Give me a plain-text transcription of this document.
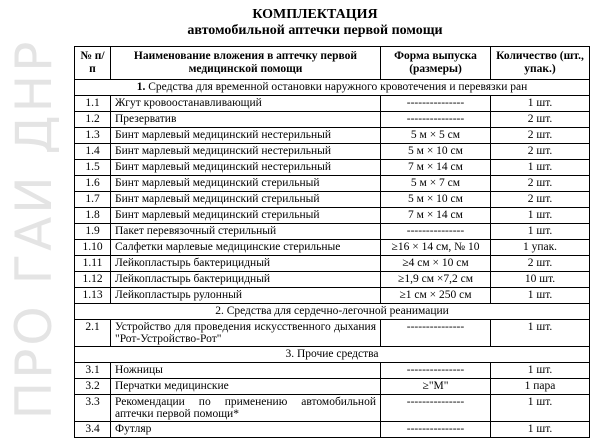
ПРО ГАИ ДНР
КОМПЛЕКТАЦИЯ
автомобильной аптечки первой помощи
№ п/п	Наименование вложения в аптечку первой медицинской помощи	Форма выпуска (размеры)	Количество (шт., упак.)
1. Средства для временной остановки наружного кровотечения и перевязки ран			
1.1	Жгут кровоостанавливающий	---------------	1 шт.
1.2	Презерватив	---------------	2 шт.
1.3	Бинт марлевый медицинский нестерильный	5 м × 5 см	2 шт.
1.4	Бинт марлевый медицинский нестерильный	5 м × 10 см	2 шт.
1.5	Бинт марлевый медицинский нестерильный	7 м × 14 см	1 шт.
1.6	Бинт марлевый медицинский стерильный	5 м × 7 см	2 шт.
1.7	Бинт марлевый медицинский стерильный	5 м × 10 см	2 шт.
1.8	Бинт марлевый медицинский стерильный	7 м × 14 см	1 шт.
1.9	Пакет перевязочный стерильный	---------------	1 шт.
1.10	Салфетки марлевые медицинские стерильные	≥16 × 14 см, № 10	1 упак.
1.11	Лейкопластырь бактерицидный	≥4 см × 10 см	2 шт.
1.12	Лейкопластырь бактерицидный	≥1,9 см ×7,2 см	10 шт.
1.13	Лейкопластырь рулонный	≥1 см × 250 см	1 шт.
2. Средства для сердечно-легочной реанимации			
2.1	Устройство для проведения искусственного дыхания "Рот-Устройство-Рот"	---------------	1 шт.
3. Прочие средства			
3.1	Ножницы	---------------	1 шт.
3.2	Перчатки медицинские	≥"М"	1 пара
3.3	Рекомендации по применению автомобильной аптечки первой помощи*	---------------	1 шт.
3.4	Футляр	---------------	1 шт.
